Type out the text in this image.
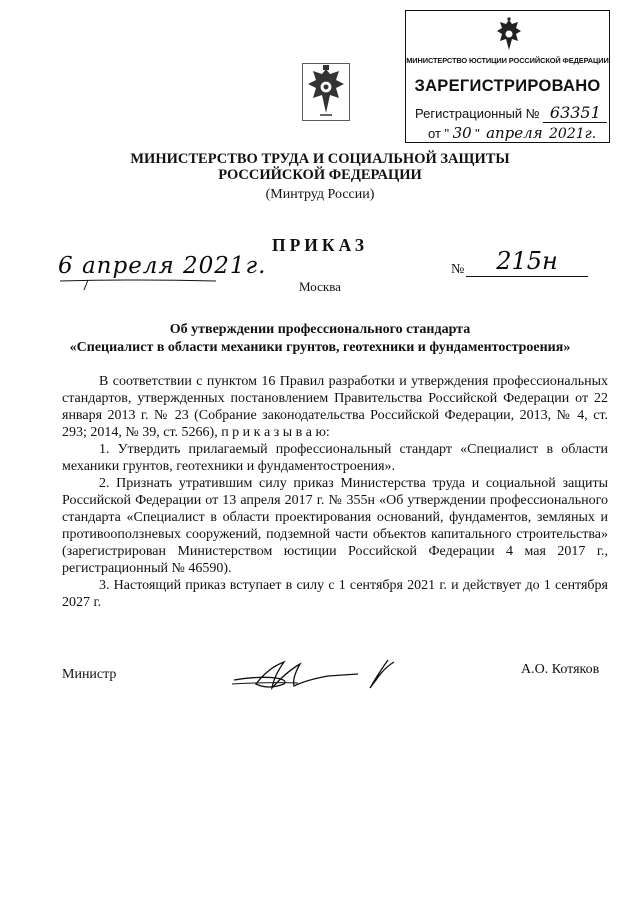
МИНИСТЕРСТВО ЮСТИЦИИ РОССИЙСКОЙ ФЕДЕРАЦИИ
ЗАРЕГИСТРИРОВАНО
Регистрационный № 63351
от " 30 " апреля 2021г.
МИНИСТЕРСТВО ТРУДА И СОЦИАЛЬНОЙ ЗАЩИТЫ
РОССИЙСКОЙ ФЕДЕРАЦИИ
(Минтруд России)
ПРИКАЗ
6 апреля 2021г.	№	215н
Москва
Об утверждении профессионального стандарта
«Специалист в области механики грунтов, геотехники и фундаментостроения»

В соответствии с пунктом 16 Правил разработки и утверждения профессиональных стандартов, утвержденных постановлением Правительства Российской Федерации от 22 января 2013 г. № 23 (Собрание законодательства Российской Федерации, 2013, № 4, ст. 293; 2014, № 39, ст. 5266), п р и к а з ы в а ю:

1. Утвердить прилагаемый профессиональный стандарт «Специалист в области механики грунтов, геотехники и фундаментостроения».

2. Признать утратившим силу приказ Министерства труда и социальной защиты Российской Федерации от 13 апреля 2017 г. № 355н «Об утверждении профессионального стандарта «Специалист в области проектирования оснований, фундаментов, земляных и противооползневых сооружений, подземной части объектов капитального строительства» (зарегистрирован Министерством юстиции Российской Федерации 4 мая 2017 г., регистрационный № 46590).

3. Настоящий приказ вступает в силу с 1 сентября 2021 г. и действует до 1 сентября 2027 г.

Министр	А.О. Котяков
